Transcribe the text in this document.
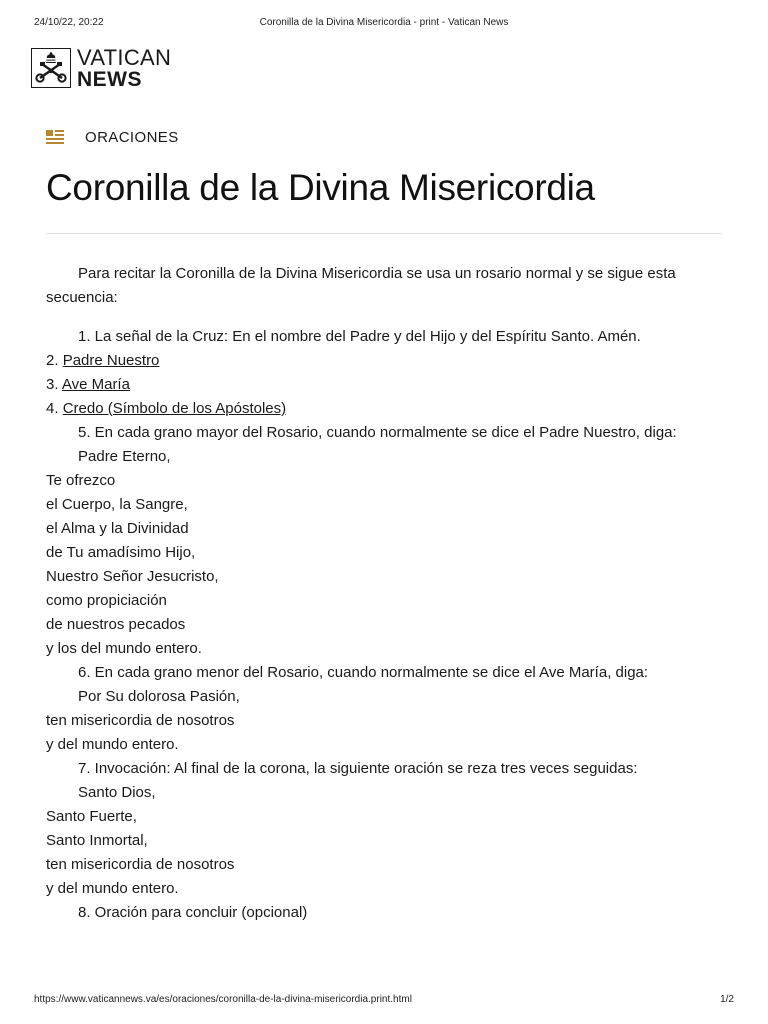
24/10/22, 20:22	Coronilla de la Divina Misericordia - print - Vatican News
VATICAN
NEWS
ORACIONES
Coronilla de la Divina Misericordia

Para recitar la Coronilla de la Divina Misericordia se usa un rosario normal y se sigue esta secuencia:

1. La señal de la Cruz: En el nombre del Padre y del Hijo y del Espíritu Santo. Amén.

2. Padre Nuestro

3. Ave María

4. Credo (Símbolo de los Apóstoles)

5. En cada grano mayor del Rosario, cuando normalmente se dice el Padre Nuestro, diga:

Padre Eterno,

Te ofrezco

el Cuerpo, la Sangre,

el Alma y la Divinidad

de Tu amadísimo Hijo,

Nuestro Señor Jesucristo,

como propiciación

de nuestros pecados

y los del mundo entero.

6. En cada grano menor del Rosario, cuando normalmente se dice el Ave María, diga:

Por Su dolorosa Pasión,

ten misericordia de nosotros

y del mundo entero.

7. Invocación: Al final de la corona, la siguiente oración se reza tres veces seguidas:

Santo Dios,

Santo Fuerte,

Santo Inmortal,

ten misericordia de nosotros

y del mundo entero.

8. Oración para concluir (opcional)

https://www.vaticannews.va/es/oraciones/coronilla-de-la-divina-misericordia.print.html	1/2
